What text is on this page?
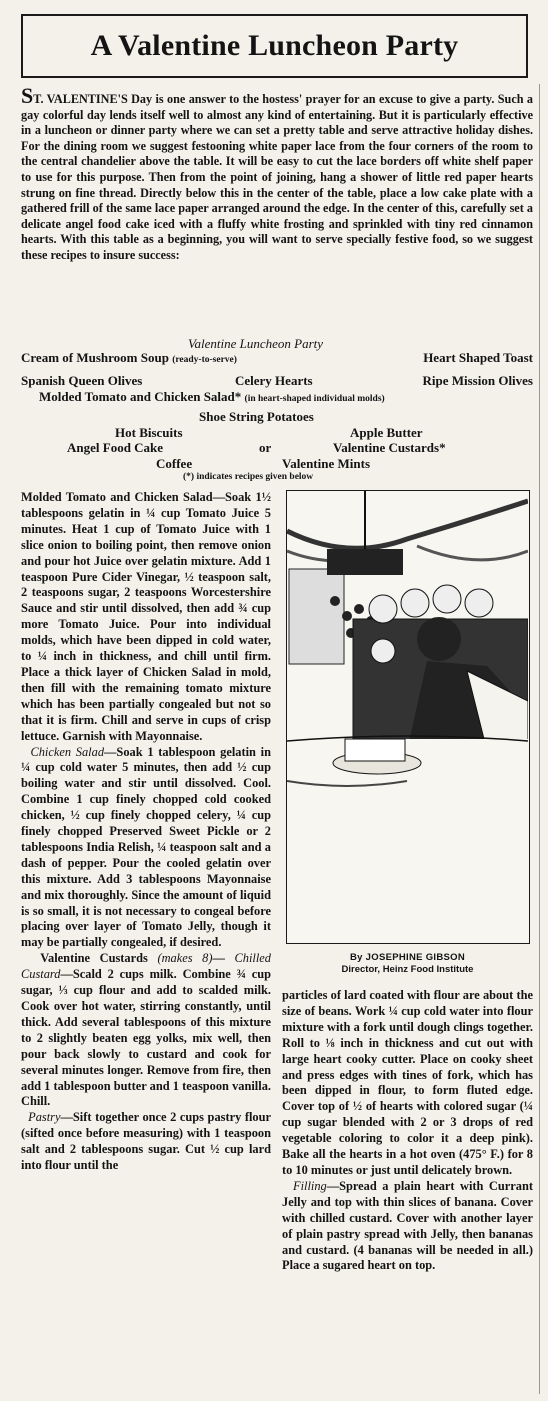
A Valentine Luncheon Party
ST. VALENTINE'S Day is one answer to the hostess' prayer for an excuse to give a party. Such a gay colorful day lends itself well to almost any kind of entertaining. But it is particularly effective in a luncheon or dinner party where we can set a pretty table and serve attractive holiday dishes. For the dining room we suggest festooning white paper lace from the four corners of the room to the central chandelier above the table. It will be easy to cut the lace borders off white shelf paper to use for this purpose. Then from the point of joining, hang a shower of little red paper hearts strung on fine thread. Directly below this in the center of the table, place a low cake plate with a gathered frill of the same lace paper arranged around the edge. In the center of this, carefully set a delicate angel food cake iced with a fluffy white frosting and sprinkled with tiny red cinnamon hearts. With this table as a beginning, you will want to serve specially festive food, so we suggest these recipes to insure success:
Valentine Luncheon Party
Cream of Mushroom Soup (ready-to-serve)	Heart Shaped Toast
Spanish Queen Olives	Celery Hearts	Ripe Mission Olives
Molded Tomato and Chicken Salad* (in heart-shaped individual molds)
Shoe String Potatoes
Hot Biscuits	Apple Butter
Angel Food Cake	or	Valentine Custards*
Coffee	Valentine Mints
(*) indicates recipes given below

Molded Tomato and Chicken Salad—Soak 1½ tablespoons gelatin in ¼ cup Tomato Juice 5 minutes. Heat 1 cup of Tomato Juice with 1 slice onion to boiling point, then remove onion and pour hot Juice over gelatin mixture. Add 1 teaspoon Pure Cider Vinegar, ½ teaspoon salt, 2 teaspoons sugar, 2 teaspoons Worcestershire Sauce and stir until dissolved, then add ¾ cup more Tomato Juice. Pour into individual molds, which have been dipped in cold water, to ¼ inch in thickness, and chill until firm. Place a thick layer of Chicken Salad in mold, then fill with the remaining tomato mixture which has been partially congealed but not so that it is firm. Chill and serve in cups of crisp lettuce. Garnish with Mayonnaise.

Chicken Salad—Soak 1 tablespoon gelatin in ¼ cup cold water 5 minutes, then add ½ cup boiling water and stir until dissolved. Cool. Combine 1 cup finely chopped cold cooked chicken, ½ cup finely chopped celery, ¼ cup finely chopped Preserved Sweet Pickle or 2 tablespoons India Relish, ¼ teaspoon salt and a dash of pepper. Pour the cooled gelatin over this mixture. Add 3 tablespoons Mayonnaise and mix thoroughly. Since the amount of liquid is so small, it is not necessary to congeal before placing over layer of Tomato Jelly, though it may be partially congealed, if desired.

Valentine Custards (makes 8)— Chilled Custard—Scald 2 cups milk. Combine ¾ cup sugar, ⅓ cup flour and add to scalded milk. Cook over hot water, stirring constantly, until thick. Add several tablespoons of this mixture to 2 slightly beaten egg yolks, mix well, then pour back slowly to custard and cook for several minutes longer. Remove from fire, then add 1 tablespoon butter and 1 teaspoon vanilla. Chill.

Pastry—Sift together once 2 cups pastry flour (sifted once before measuring) with 1 teaspoon salt and 2 tablespoons sugar. Cut ½ cup lard into flour until the

By JOSEPHINE GIBSON
Director, Heinz Food Institute

particles of lard coated with flour are about the size of beans. Work ¼ cup cold water into flour mixture with a fork until dough clings together. Roll to ⅛ inch in thickness and cut out with large heart cooky cutter. Place on cooky sheet and press edges with tines of fork, which has been dipped in flour, to form fluted edge. Cover top of ½ of hearts with colored sugar (¼ cup sugar blended with 2 or 3 drops of red vegetable coloring to color it a deep pink). Bake all the hearts in a hot oven (475° F.) for 8 to 10 minutes or just until delicately brown.

Filling—Spread a plain heart with Currant Jelly and top with thin slices of banana. Cover with chilled custard. Cover with another layer of plain pastry spread with Jelly, then bananas and custard. (4 bananas will be needed in all.) Place a sugared heart on top.
